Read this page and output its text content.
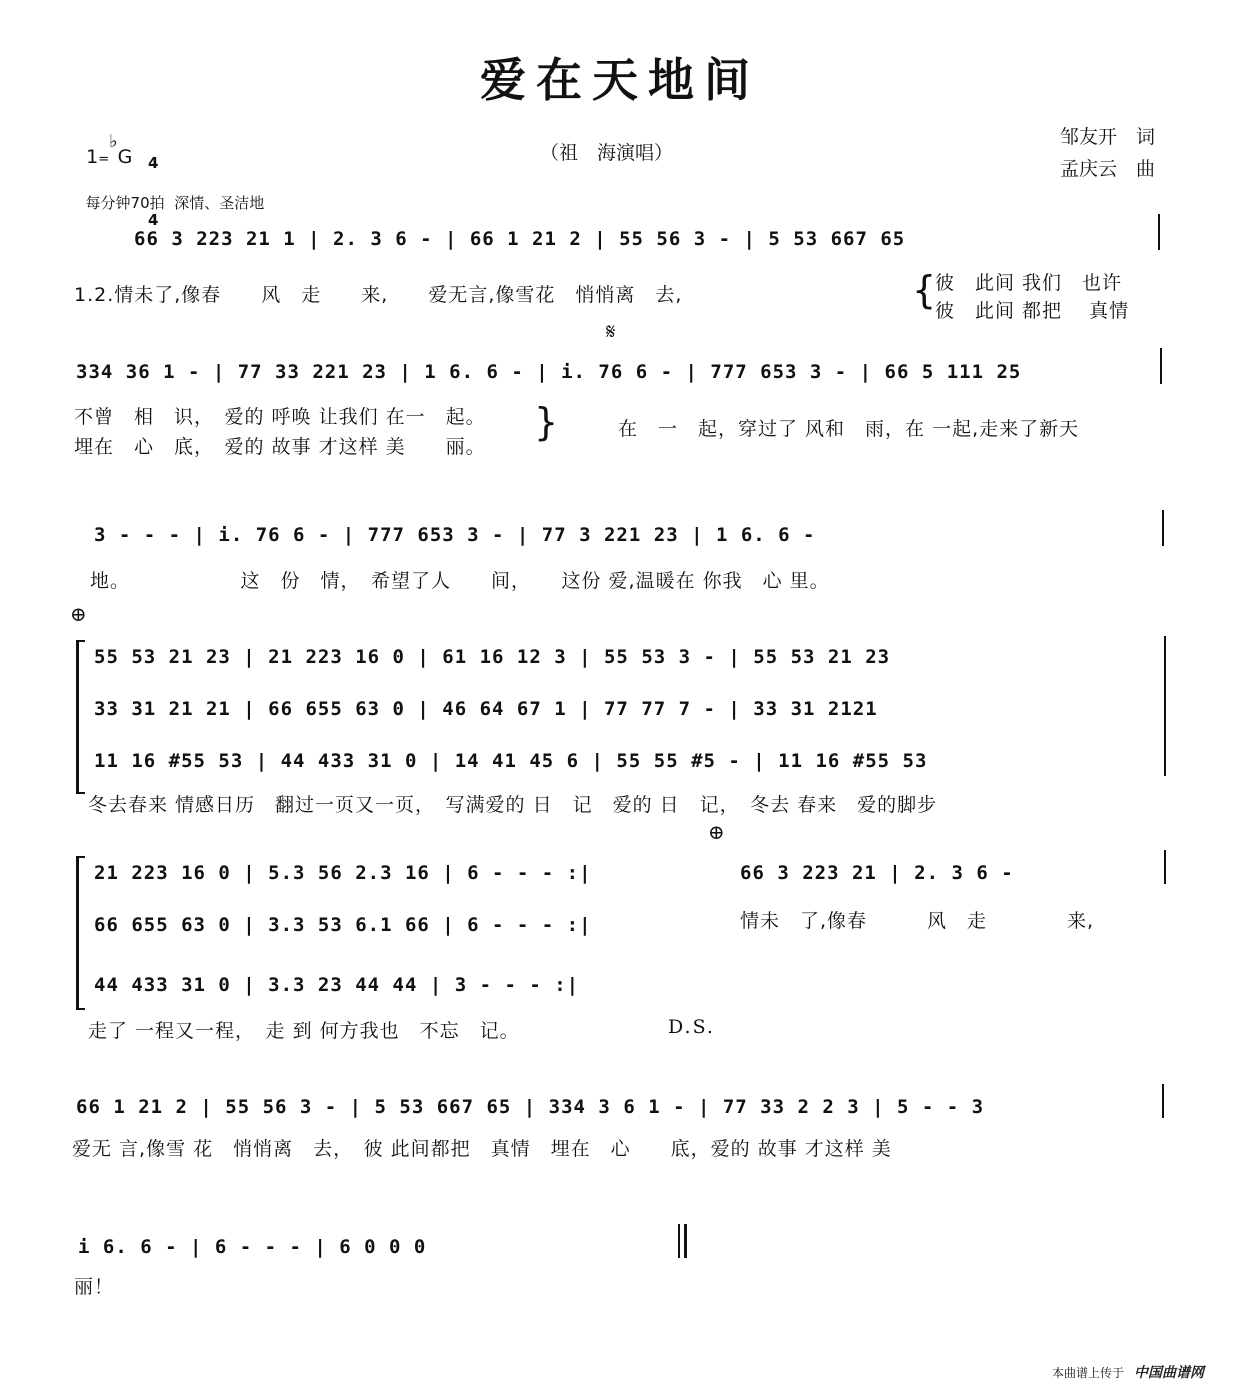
爱在天地间

1=♭G

4

4

每分钟70拍 深情、圣洁地

（祖　海演唱）
邹友开　词
孟庆云　曲
66 3 223 21 1 | 2. 3 6 - | 66 1 21 2 | 55 56 3 - | 5 53 667 65
1.2.情未了,像春　　风　走　　来,　　爱无言,像雪花　悄悄离　去,	{
彼　此间 我们　也许
彼　此间 都把　 真情
𝄋
334 36 1 - | 77 33 221 23 | 1 6. 6 - | i. 76 6 - | 777 653 3 - | 66 5 111 25
不曾　相　识，　爱的 呼唤 让我们 在一　起。
埋在　心　底，　爱的 故事 才这样 美　　丽。
}	在　一　起，穿过了 风和　雨，在 一起,走来了新天
3 - - - | i. 76 6 - | 777 653 3 - | 77 3 221 23 | 1 6. 6 -
地。　　　　　　这　份　情，　希望了人　　间，　　这份 爱,温暖在 你我　心 里。
⊕
55 53 21 23 | 21 223 16 0 | 61 16 12 3 | 55 53 3 - | 55 53 21 23
33 31 21 21 | 66 655 63 0 | 46 64 67 1 | 77 77 7 - | 33 31 2121
11 16 #55 53 | 44 433 31 0 | 14 41 45 6 | 55 55 #5 - | 11 16 #55 53
冬去春来 情感日历　翻过一页又一页，　写满爱的 日　记　爱的 日　记，　冬去 春来　爱的脚步
⊕
21 223 16 0 | 5.3 56 2.3 16 | 6 - - - :|
66 655 63 0 | 3.3 53 6.1 66 | 6 - - - :|
44 433 31 0 | 3.3 23 44 44 | 3 - - - :|
66 3 223 21 | 2. 3 6 -
情未　了,像春　　　风　走　　　　来,
走了 一程又一程，　走 到 何方我也　不忘　记。	D.S.
66 1 21 2 | 55 56 3 - | 5 53 667 65 | 334 3 6 1 - | 77 33 2 2 3 | 5 - - 3
爱无 言,像雪 花　悄悄离　去，　彼 此间都把　真情　埋在　心　　底，爱的 故事 才这样 美
i 6. 6 - | 6 - - - | 6 0 0 0
丽！
本曲谱上传于 中国曲谱网
